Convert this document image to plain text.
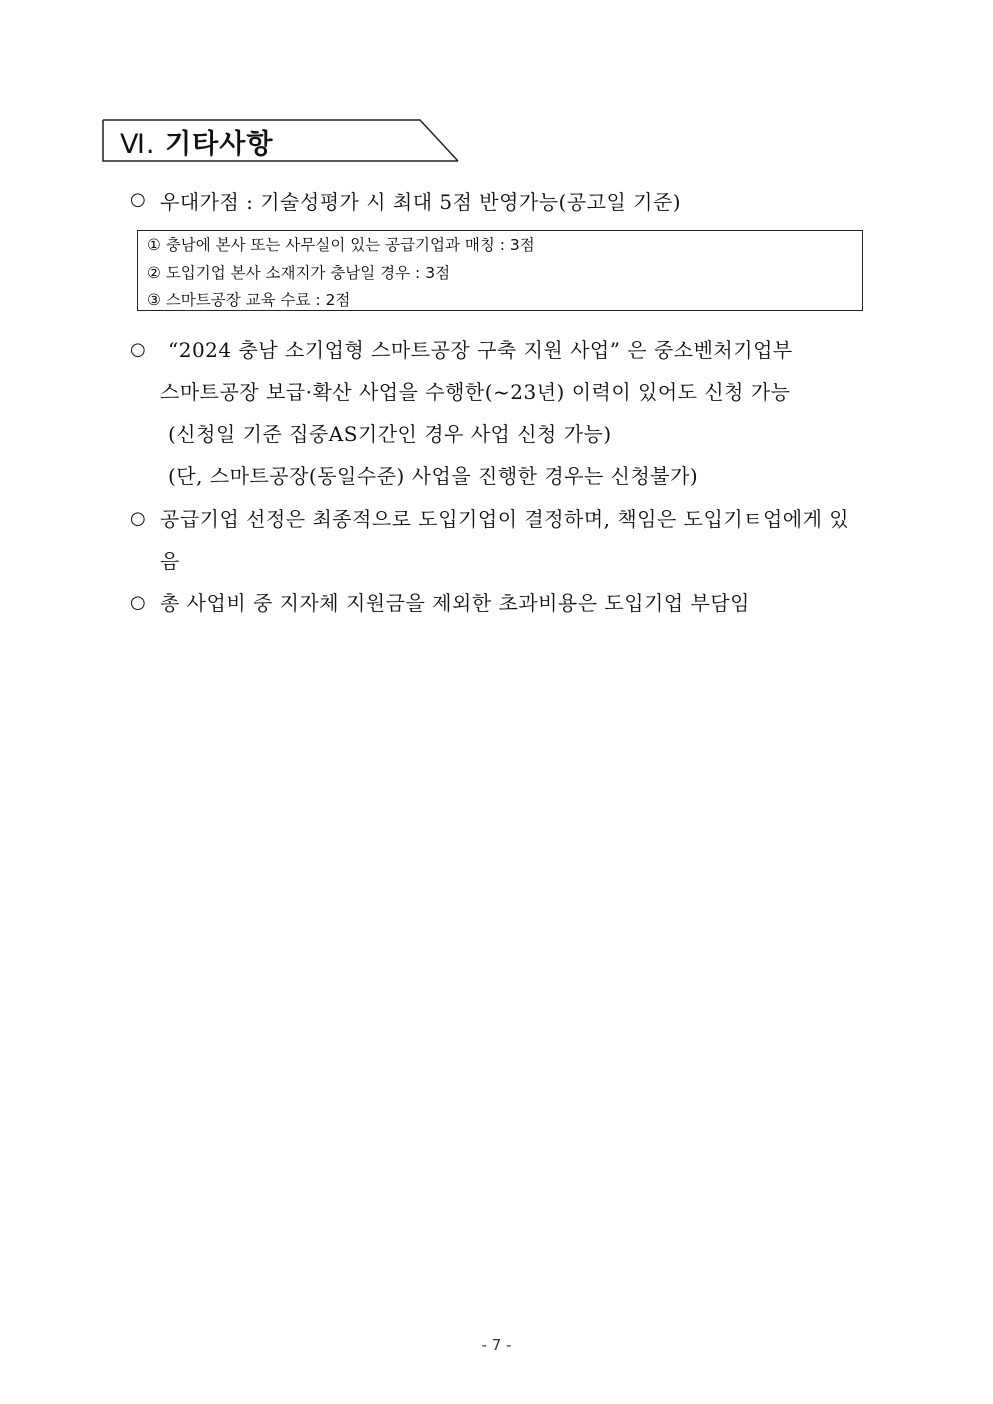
Ⅵ. 기타사항
○ 우대가점 : 기술성평가 시 최대 5점 반영가능(공고일 기준)
① 충남에 본사 또는 사무실이 있는 공급기업과 매칭 : 3점
② 도입기업 본사 소재지가 충남일 경우 : 3점
③ 스마트공장 교육 수료 : 2점
○ “2024 충남 소기업형 스마트공장 구축 지원 사업” 은 중소벤처기업부
스마트공장 보급·확산 사업을 수행한(~23년) 이력이 있어도 신청 가능
(신청일 기준 집중AS기간인 경우 사업 신청 가능)
(단, 스마트공장(동일수준) 사업을 진행한 경우는 신청불가)
○ 공급기업 선정은 최종적으로 도입기업이 결정하며, 책임은 도입기ㅌ업에게 있
음
○ 총 사업비 중 지자체 지원금을 제외한 초과비용은 도입기업 부담임
- 7 -
